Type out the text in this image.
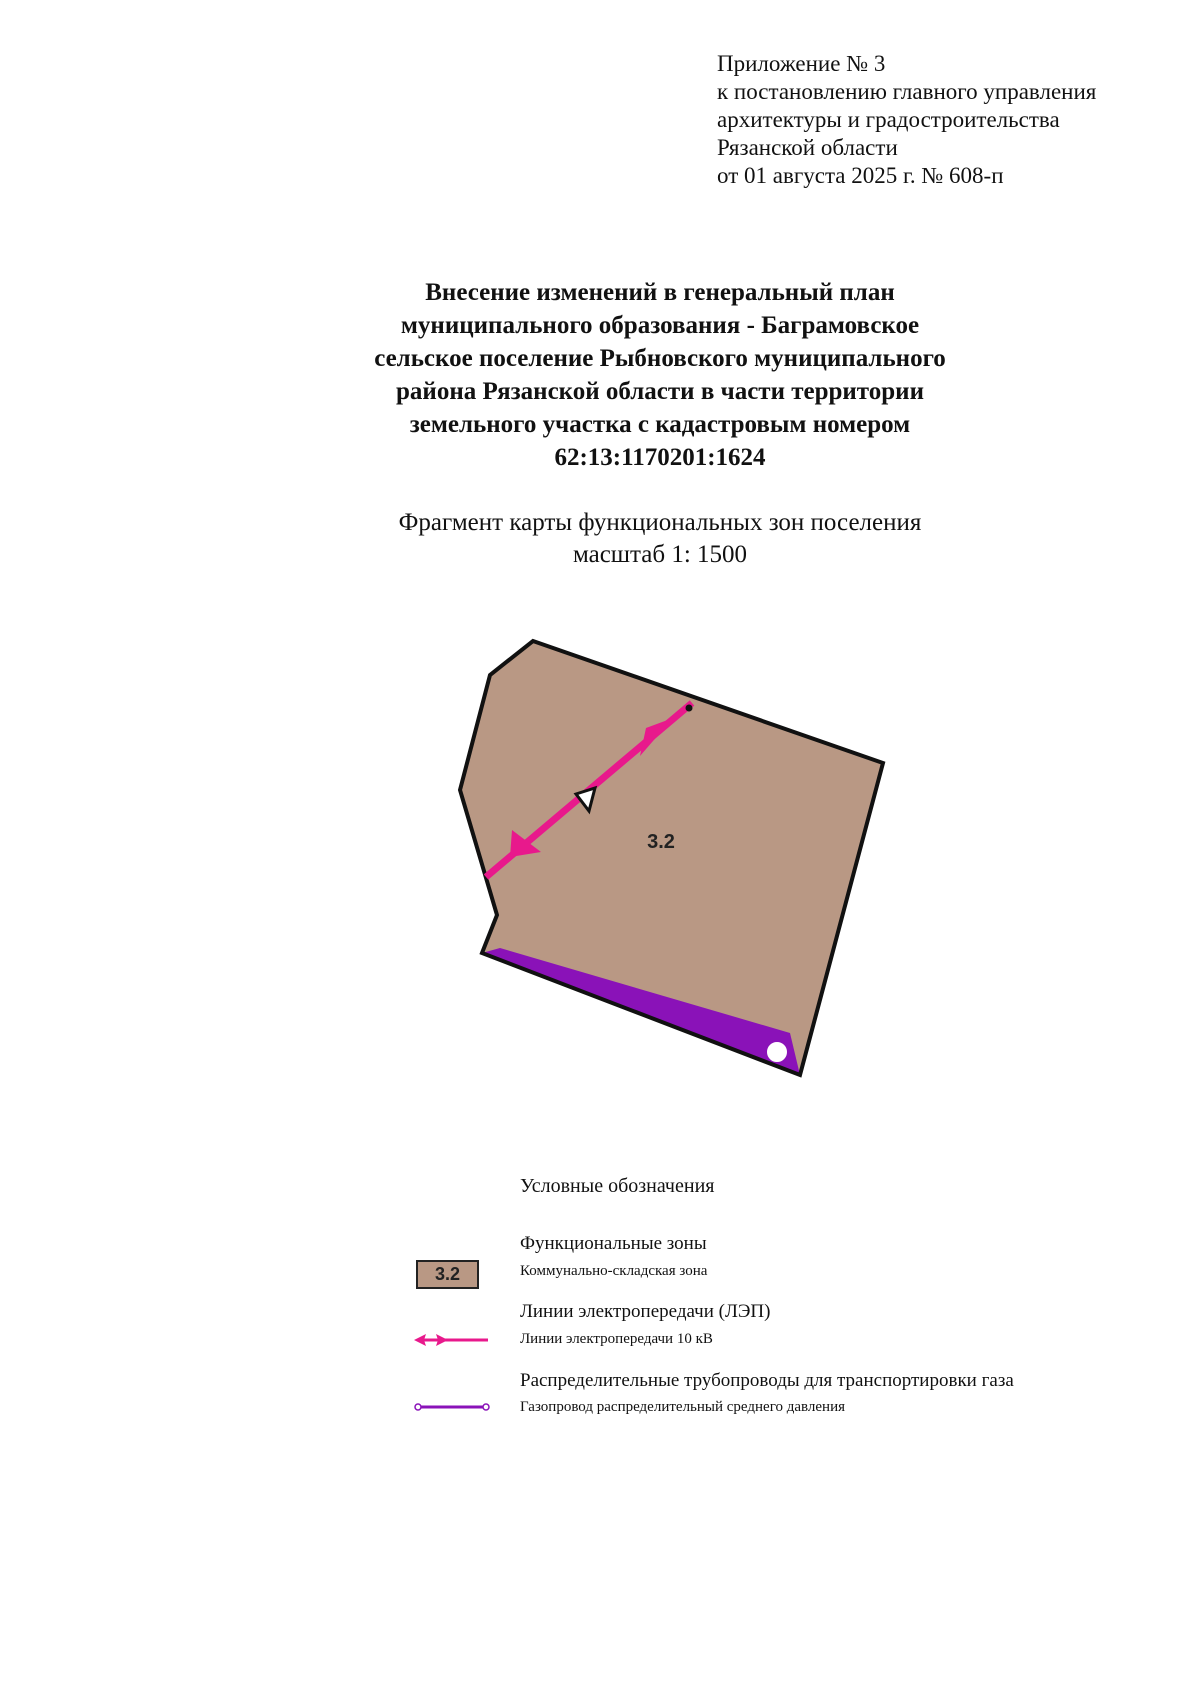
Приложение № 3
к постановлению главного управления
архитектуры и градостроительства
Рязанской области
от 01 августа 2025 г. № 608-п
Внесение изменений в генеральный план
муниципального образования - Баграмовское
сельское поселение Рыбновского муниципального
района Рязанской области в части территории
земельного участка с кадастровым номером
62:13:1170201:1624
Фрагмент карты функциональных зон поселения
масштаб 1: 1500
3.2
Условные обозначения
Функциональные зоны
3.2	Коммунально-складская зона
Линии электропередачи (ЛЭП)
Линии электропередачи 10 кВ
Распределительные трубопроводы для транспортировки газа
Газопровод распределительный среднего давления
